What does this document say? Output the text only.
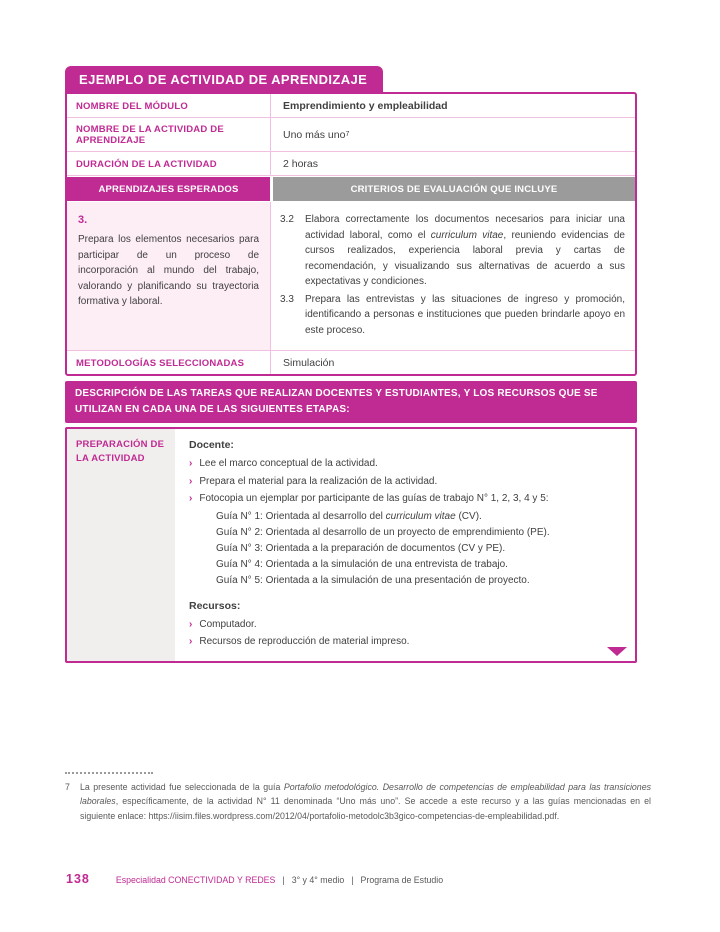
EJEMPLO DE ACTIVIDAD DE APRENDIZAJE
NOMBRE DEL MÓDULO	Emprendimiento y empleabilidad
NOMBRE DE LA ACTIVIDAD DE APRENDIZAJE	Uno más uno 7
DURACIÓN DE LA ACTIVIDAD	2 horas
APRENDIZAJES ESPERADOS	CRITERIOS DE EVALUACIÓN QUE INCLUYE
3.
Prepara los elementos necesarios para participar de un proceso de incorporación al mundo del trabajo, valorando y planificando su trayectoria formativa y laboral.
3.2	Elabora correctamente los documentos necesarios para iniciar una actividad laboral, como el curriculum vitae, reuniendo evidencias de cursos realizados, experiencia laboral previa y cartas de recomendación, y visualizando sus alternativas de acuerdo a sus expectativas y condiciones.
3.3	Prepara las entrevistas y las situaciones de ingreso y promoción, identificando a personas e instituciones que pueden brindarle apoyo en este proceso.
METODOLOGÍAS SELECCIONADAS	Simulación
DESCRIPCIÓN DE LAS TAREAS QUE REALIZAN DOCENTES Y ESTUDIANTES, Y LOS RECURSOS QUE SE UTILIZAN EN CADA UNA DE LAS SIGUIENTES ETAPAS:
PREPARACIÓN DE LA ACTIVIDAD
Docente:
› Lee el marco conceptual de la actividad.
› Prepara el material para la realización de la actividad.
› Fotocopia un ejemplar por participante de las guías de trabajo N° 1, 2, 3, 4 y 5:
Guía N° 1: Orientada al desarrollo del curriculum vitae (CV).
Guía N° 2: Orientada al desarrollo de un proyecto de emprendimiento (PE).
Guía N° 3: Orientada a la preparación de documentos (CV y PE).
Guía N° 4: Orientada a la simulación de una entrevista de trabajo.
Guía N° 5: Orientada a la simulación de una presentación de proyecto.
Recursos:
› Computador.
› Recursos de reproducción de material impreso.
7	La presente actividad fue seleccionada de la guía Portafolio metodológico. Desarrollo de competencias de empleabilidad para las transiciones laborales, específicamente, de la actividad N° 11 denominada “Uno más uno”. Se accede a este recurso y a las guías mencionadas en el siguiente enlace: https://iisim.files.wordpress.com/2012/04/portafolio-metodolc3b3gico-competencias-de-empleabilidad.pdf.
138	Especialidad CONECTIVIDAD Y REDES | 3° y 4° medio | Programa de Estudio
